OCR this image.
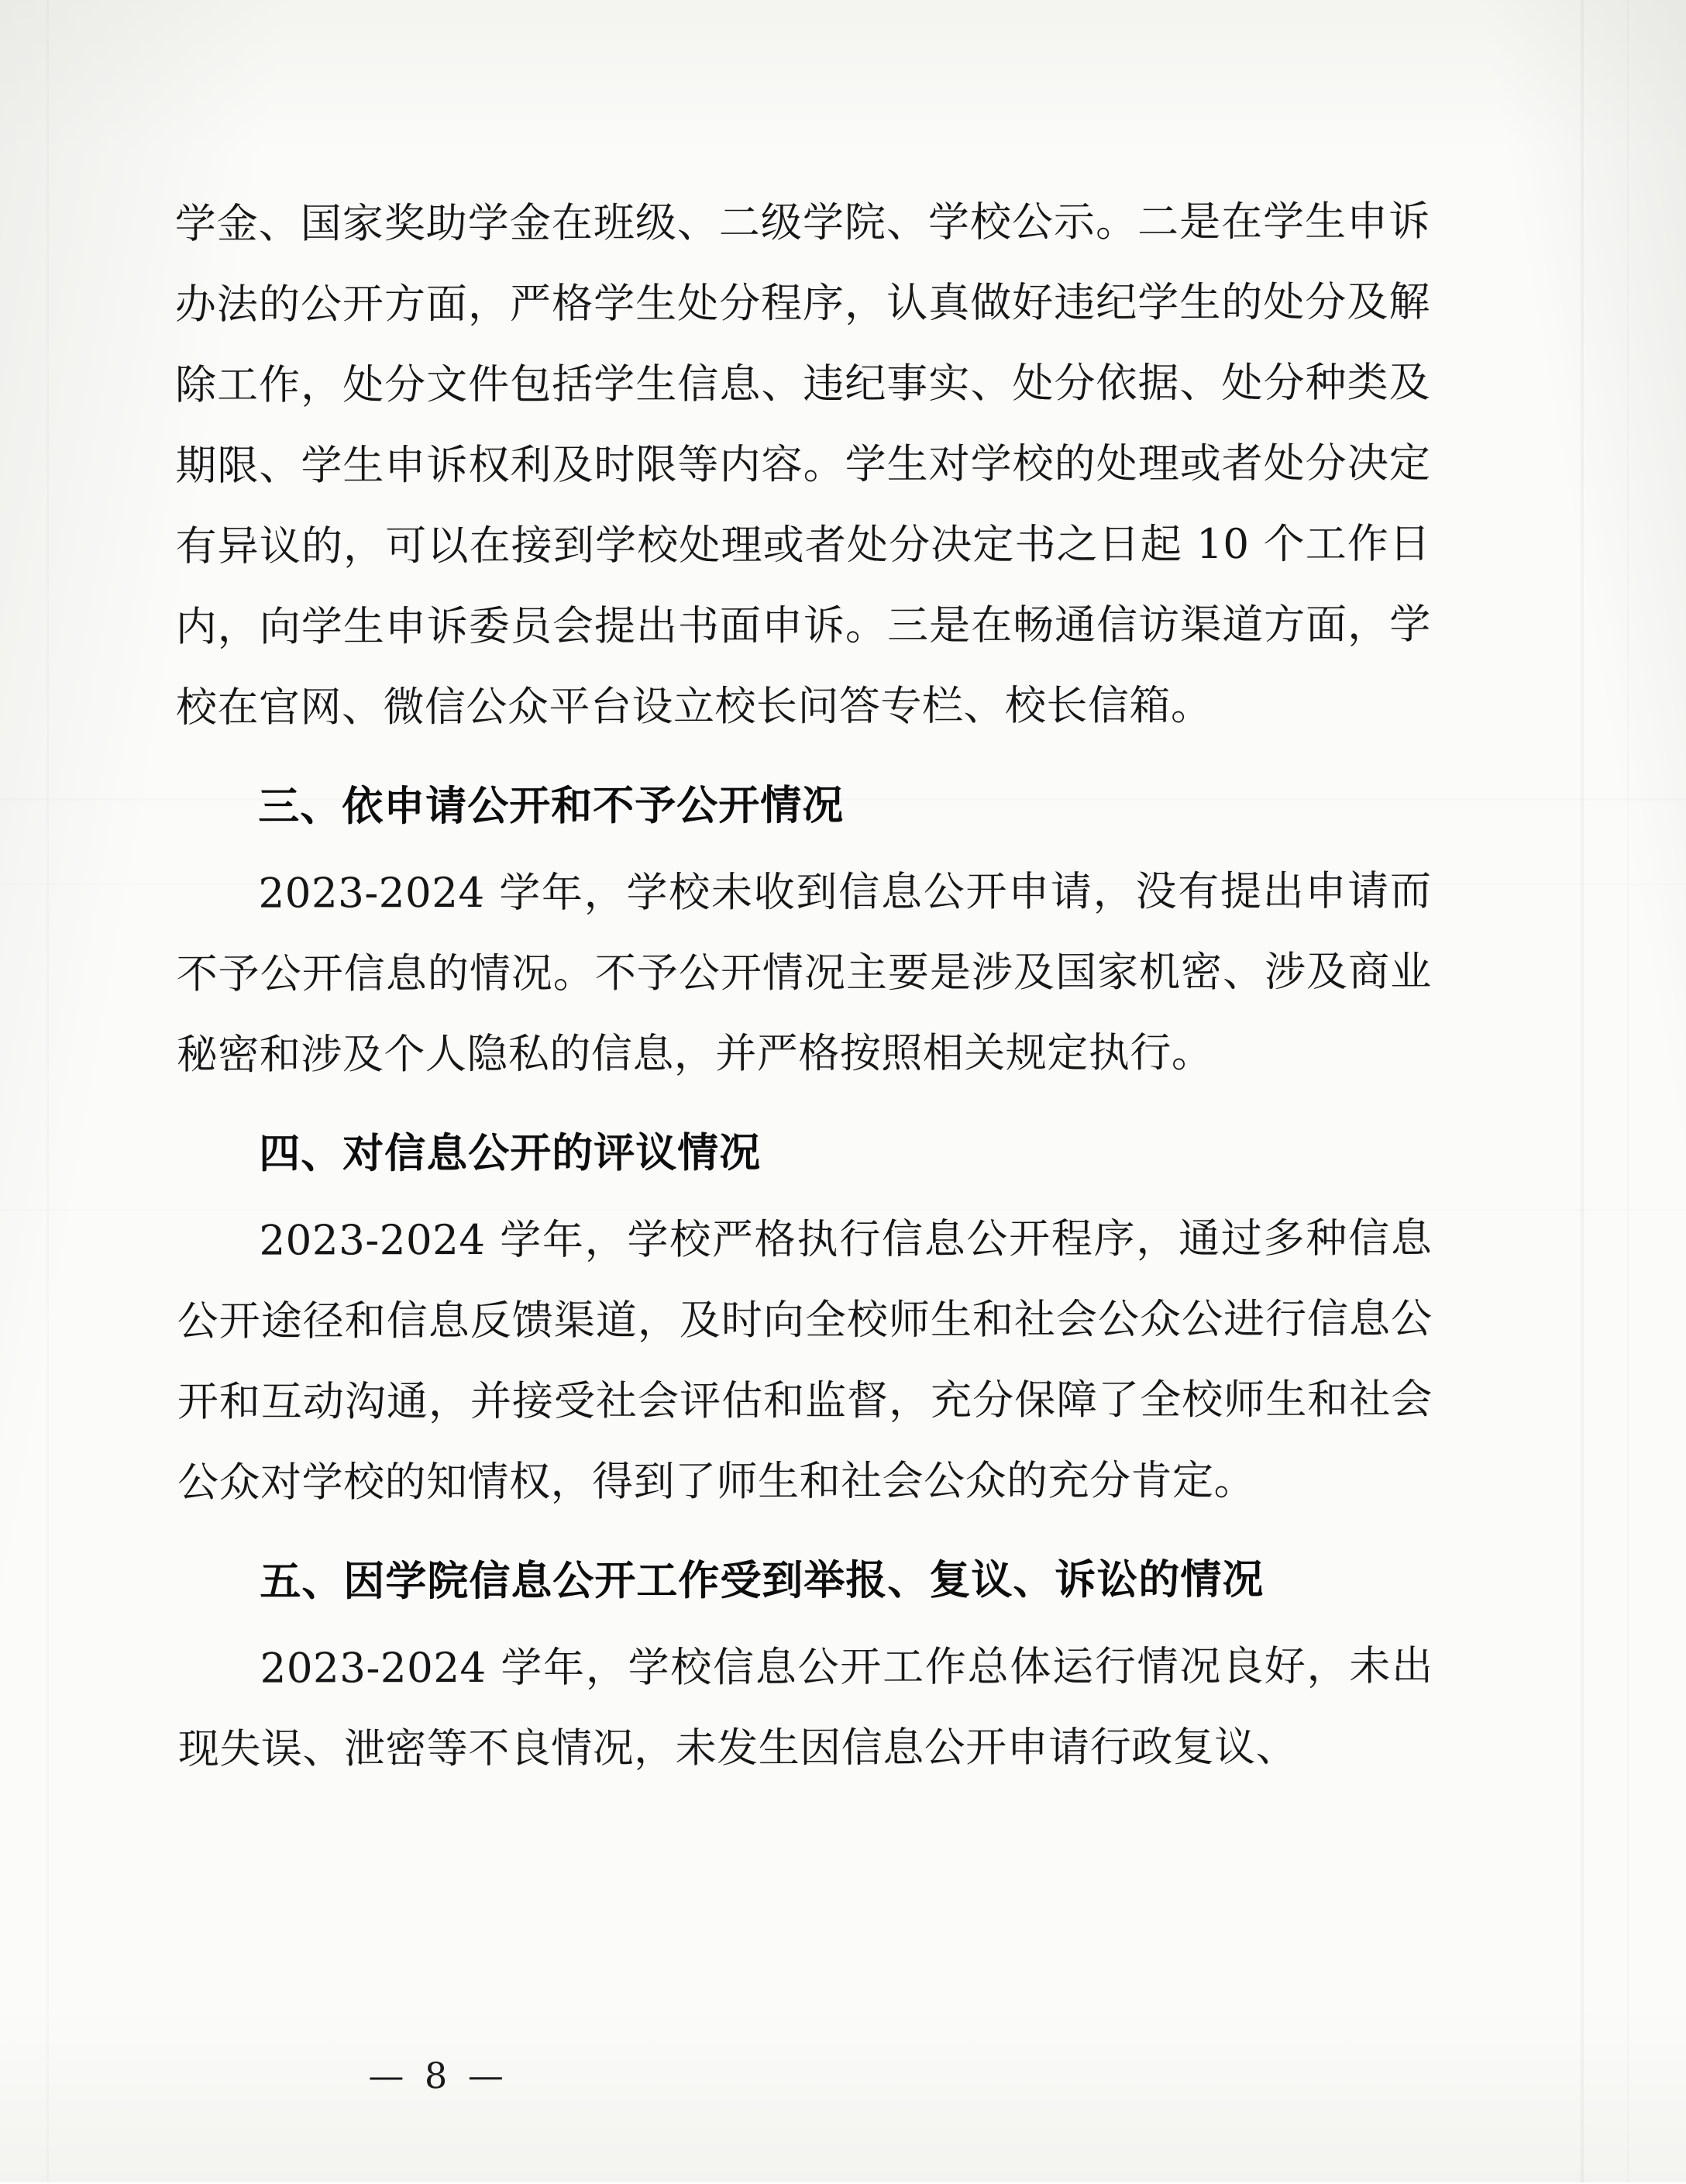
学金、国家奖助学金在班级、二级学院、学校公示。二是在学生申诉办法的公开方面，严格学生处分程序，认真做好违纪学生的处分及解除工作，处分文件包括学生信息、违纪事实、处分依据、处分种类及期限、学生申诉权利及时限等内容。学生对学校的处理或者处分决定有异议的，可以在接到学校处理或者处分决定书之日起 10 个工作日内，向学生申诉委员会提出书面申诉。三是在畅通信访渠道方面，学校在官网、微信公众平台设立校长问答专栏、校长信箱。

三、依申请公开和不予公开情况

2023-2024 学年，学校未收到信息公开申请，没有提出申请而不予公开信息的情况。不予公开情况主要是涉及国家机密、涉及商业秘密和涉及个人隐私的信息，并严格按照相关规定执行。

四、对信息公开的评议情况

2023-2024 学年，学校严格执行信息公开程序，通过多种信息公开途径和信息反馈渠道，及时向全校师生和社会公众公进行信息公开和互动沟通，并接受社会评估和监督，充分保障了全校师生和社会公众对学校的知情权，得到了师生和社会公众的充分肯定。

五、因学院信息公开工作受到举报、复议、诉讼的情况

2023-2024 学年，学校信息公开工作总体运行情况良好，未出现失误、泄密等不良情况，未发生因信息公开申请行政复议、

— 8 —
